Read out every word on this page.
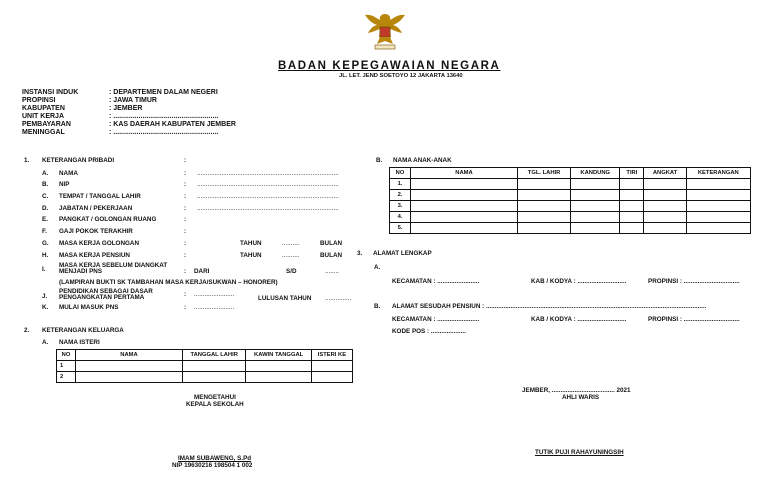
BADAN KEPEGAWAIAN NEGARA
JL. LET. JEND SOETOYO 12 JAKARTA 13640
INSTANSI INDUK	: DEPARTEMEN DALAM NEGERI
PROPINSI	: JAWA TIMUR
KABUPATEN	: JEMBER
UNIT KERJA	: ......................................................
PEMBAYARAN	: KAS DAERAH KABUPATEN JEMBER
MENINGGAL	: ......................................................
1. KETERANGAN PRIBADI	:
A. NAMA	: .................................................................................
B. NIP	: .................................................................................
C. TEMPAT / TANGGAL LAHIR	: .................................................................................
D. JABATAN / PEKERJAAN	: .................................................................................
E. PANGKAT / GOLONGAN RUANG	:
F. GAJI POKOK TERAKHIR	:
G. MASA KERJA GOLONGAN	:	TAHUN	..........	BULAN
H. MASA KERJA PENSIUN	:	TAHUN	..........	BULAN
I.
MASA KERJA SEBELUM DIANGKAT
MENJADI PNS	: DARI	S/D	........
(LAMPIRAN BUKTI SK TAMBAHAN MASA KERJA/SUKWAN – HONORER)
J.
PENDIDIKAN SEBAGAI DASAR
PENGANGKATAN PERTAMA	: .......................
LULUSAN TAHUN ...............
K. MULAI MASUK PNS	: .......................
2. KETERANGAN KELUARGA
A. NAMA ISTERI
NO	NAMA	TANGGAL LAHIR	KAWIN TANGGAL	ISTERI KE
1				
2				
B. NAMA ANAK-ANAK
NO	NAMA	TGL. LAHIR	KANDUNG	TIRI	ANGKAT	KETERANGAN
1.						
2.						
3.						
4.						
5.						
3. ALAMAT LENGKAP
A.
KECAMATAN : ........................	KAB / KODYA : ............................	PROPINSI : ................................
B. ALAMAT SESUDAH PENSIUN : ..............................................................................................................................
KECAMATAN : ........................	KAB / KODYA : ............................	PROPINSI : ................................
KODE POS : ....................
MENGETAHUI
KEPALA SEKOLAH
IMAM SUBAWENG, S.Pd
NIP 19630216 198504 1 002
JEMBER, .................................... 2021
AHLI WARIS
TUTIK PUJI RAHAYUNINGSIH
